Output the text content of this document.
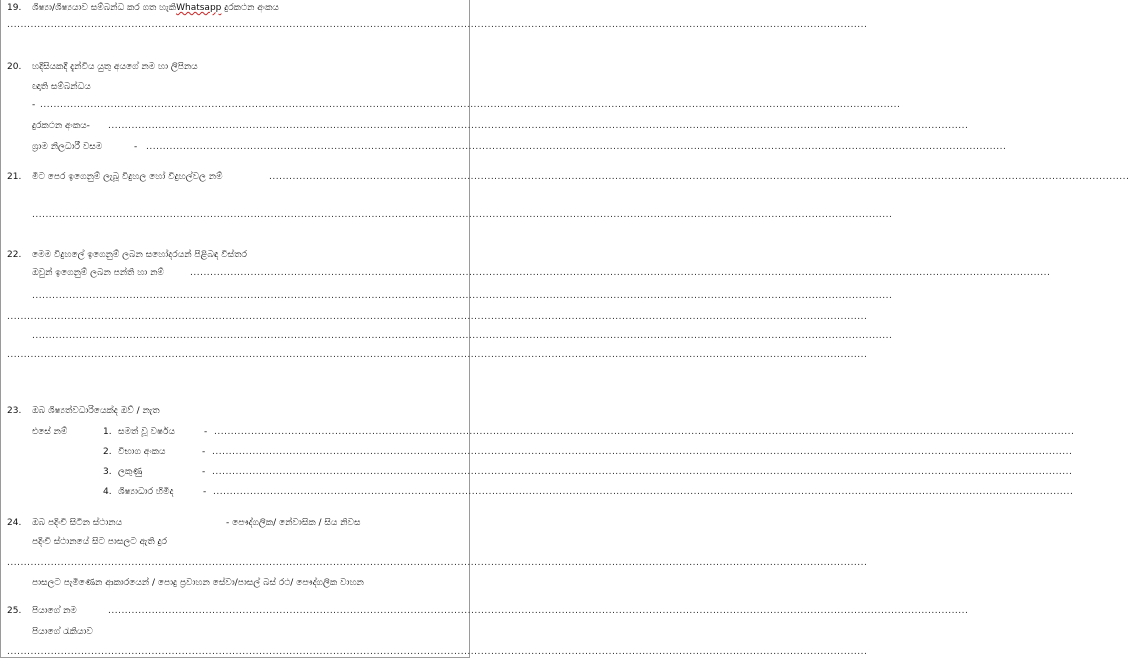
19. ශිෂ්‍යා/ශිෂ්‍යයාව සම්බන්ධ කර ගත හැකිWhatsapp දුරකථන අංකය
................................................................................................................................................................................................................................................................
20. හදිසියකදී දැන්විය යුතු අයගේ නම හා ලිපිනය
ඥාති සම්බන්ධය
- ................................................................................................................................................................................................................................................................
දුරකථන අංකය- ................................................................................................................................................................................................................................................................
ග්‍රාම නිලධාරී වසම	- ................................................................................................................................................................................................................................................................
21. මීට පෙර ඉගෙනුම් ලැබූ විදුහල හෝ විදුහල්වල නම්	................................................................................................................................................................................................................................................................
................................................................................................................................................................................................................................................................
22. මෙම විදුහලේ ඉගෙනුම් ලබන සහෝදරයන් පිළිබඳ විස්තර
ඔවුන් ඉගෙනුම් ලබන පන්ති හා නම්	................................................................................................................................................................................................................................................................
................................................................................................................................................................................................................................................................
................................................................................................................................................................................................................................................................
................................................................................................................................................................................................................................................................
................................................................................................................................................................................................................................................................
23. ඔබ ශිෂ්‍යත්වධාරියෙක්ද ඔව් / නැත
එසේ නම්	1. සමත් වූ වර්ෂය	- ................................................................................................................................................................................................................................................................
2. විභාග අංකය	- ................................................................................................................................................................................................................................................................
3. ලකුණු	- ................................................................................................................................................................................................................................................................
4. ශිෂ්‍යාධාර හිමිද	- ................................................................................................................................................................................................................................................................
24. ඔබ පදිංචි සිටින ස්ථානය	- පෞද්ගලික/ නේවාසික / සිය නිවස
පදිංචි ස්ථානයේ සිට පාසලට ඇති දුර
................................................................................................................................................................................................................................................................
පාසලට පැමිණෙන ආකාරයෙන් / පොදු ප්‍රවාහන සේවා/පාසල් බස් රථ/ පෞද්ගලික වාහන
25. පියාගේ නම	................................................................................................................................................................................................................................................................
පියාගේ රැකියාව
................................................................................................................................................................................................................................................................
